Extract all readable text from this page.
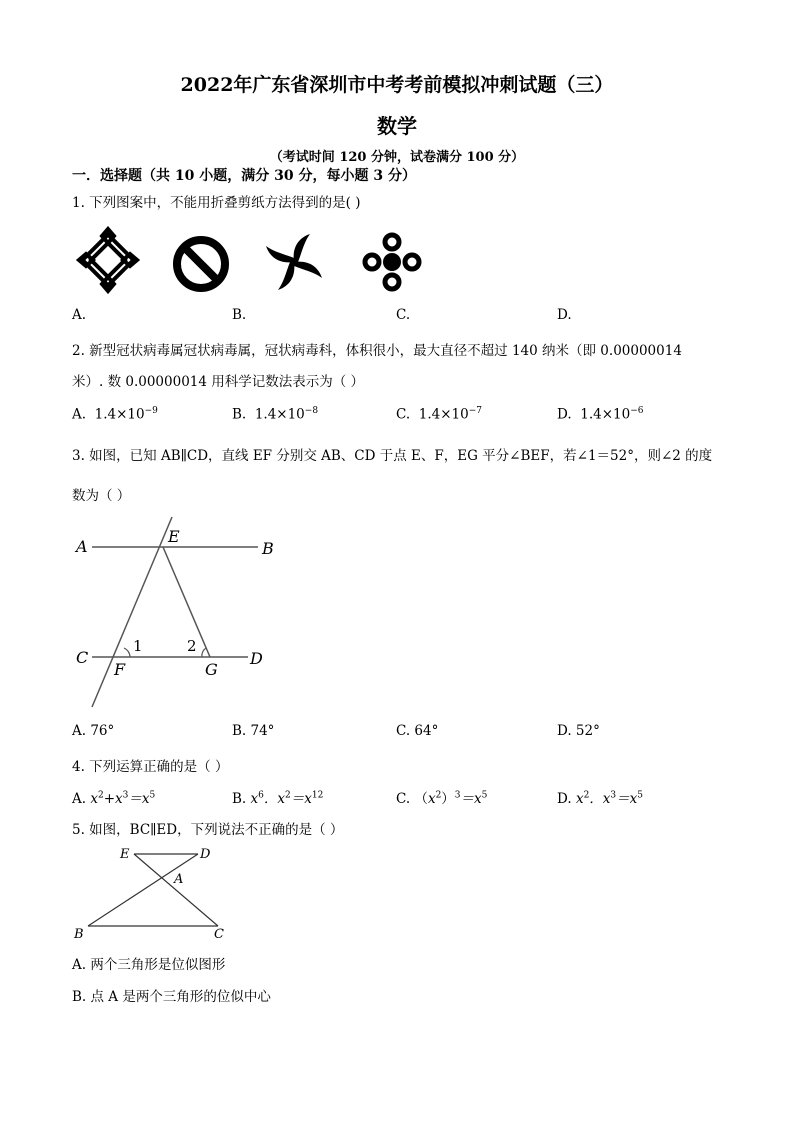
2022年广东省深圳市中考考前模拟冲刺试题（三）
数学
（考试时间 120 分钟，试卷满分 100 分）
一．选择题（共 10 小题，满分 30 分，每小题 3 分）
1. 下列图案中，不能用折叠剪纸方法得到的是( )
A.	B.	C.	D.
2. 新型冠状病毒属冠状病毒属，冠状病毒科，体积很小，最大直径不超过 140 纳米（即 0.00000014
米）. 数 0.00000014 用科学记数法表示为（ ）
A. $1.4\times 10^{-9}$	B. $1.4\times 10^{-8}$	C. $1.4\times 10^{-7}$	D. $1.4\times 10^{-6}$
3. 如图，已知 AB∥CD，直线 EF 分别交 AB、CD 于点 E、F，EG 平分∠BEF，若∠1＝52°，则∠2 的度
数为（ ）
A	B
E
C	D
F	G
1	2
A. 76°	B. 74°	C. 64°	D. 52°
4. 下列运算正确的是（ ）
A. $x^2+x^3=x^5$	B. $x^6$．$x^2=x^{12}$	C. $(x^2)^3=x^5$	D. $x^2$．$x^3=x^5$
5. 如图，BC∥ED，下列说法不正确的是（ ）
E	D
A
B	C
A. 两个三角形是位似图形
B. 点 A 是两个三角形的位似中心
